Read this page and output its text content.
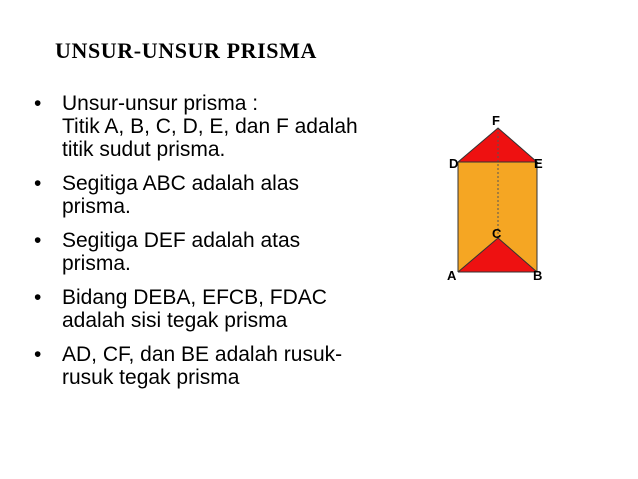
UNSUR-UNSUR PRISMA
• Unsur-unsur prisma :
Titik A, B, C, D, E, dan F adalah
titik sudut prisma.
• Segitiga ABC adalah alas
prisma.
• Segitiga DEF adalah atas
prisma.
• Bidang DEBA, EFCB, FDAC
adalah sisi tegak prisma
• AD, CF, dan BE adalah rusuk-
rusuk tegak prisma
F
D	E
C
A	B
